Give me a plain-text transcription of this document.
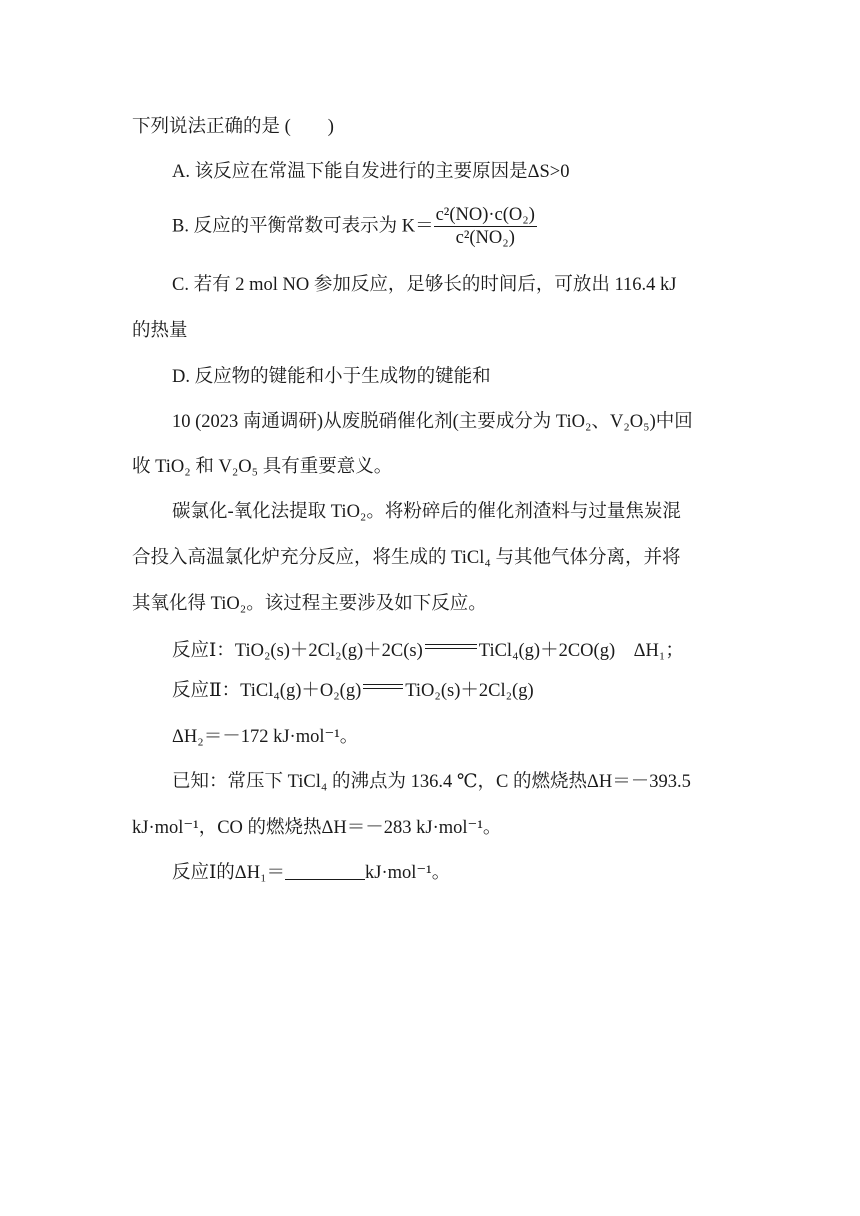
下列说法正确的是 (　　)
A. 该反应在常温下能自发进行的主要原因是ΔS>0
B. 反应的平衡常数可表示为 $K= \frac{\text{c²(NO)·c(O₂)}}{\text{c²(NO₂)}}$
C. 若有 2 mol NO 参加反应，足够长的时间后，可放出 116.4 kJ
的热量
D. 反应物的键能和小于生成物的键能和
10 (2023 南通调研)从废脱硝催化剂(主要成分为 TiO₂、V₂O₅)中回
收 TiO₂ 和 V₂O₅ 具有重要意义。
碳氯化-氧化法提取 TiO₂。将粉碎后的催化剂渣料与过量焦炭混
合投入高温氯化炉充分反应，将生成的 TiCl₄ 与其他气体分离，并将
其氧化得 TiO₂。该过程主要涉及如下反应。
反应Ⅰ：TiO₂(s)＋2Cl₂(g)＋2C(s)	TiCl₄(g)＋2CO(g)　ΔH₁；
反应Ⅱ：TiCl₄(g)＋O₂(g) TiO₂(s)＋2Cl₂(g)
ΔH₂＝－172 kJ·mol⁻¹。
已知：常压下 TiCl₄ 的沸点为 136.4 ℃，C 的燃烧热ΔH＝－393.5
kJ·mol⁻¹，CO 的燃烧热ΔH＝－283 kJ·mol⁻¹。
反应Ⅰ的ΔH₁＝	kJ·mol⁻¹。
